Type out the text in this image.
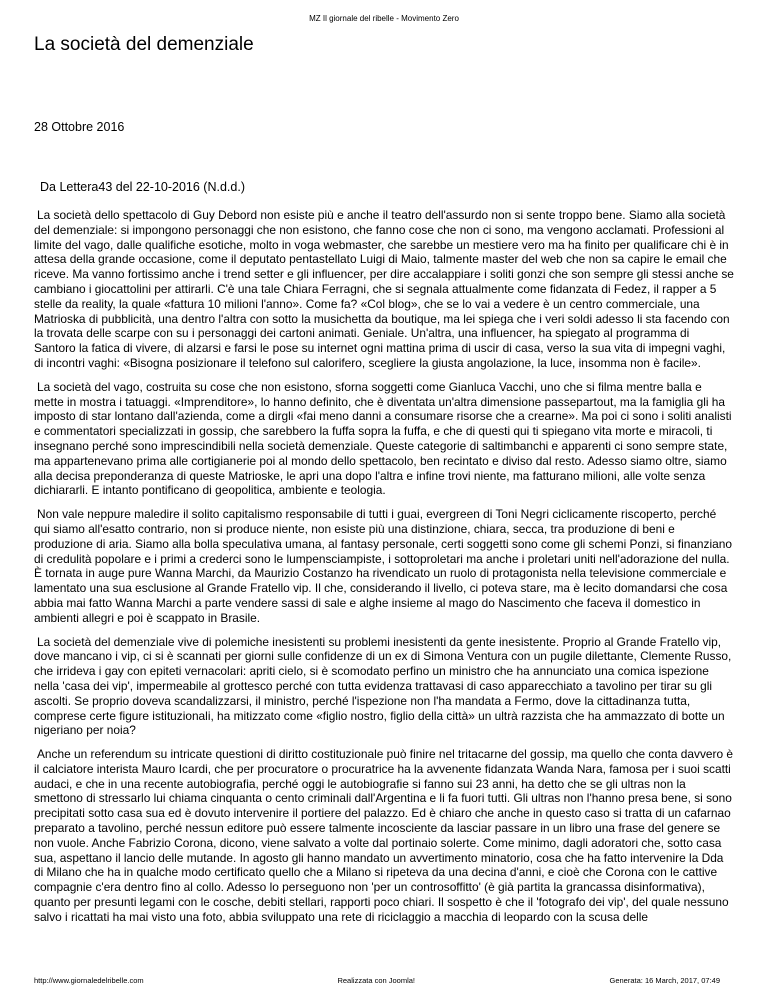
MZ Il giornale del ribelle - Movimento Zero
La società del demenziale
28 Ottobre 2016
Da Lettera43 del 22-10-2016 (N.d.d.)

La società dello spettacolo di Guy Debord non esiste più e anche il teatro dell'assurdo non si sente troppo bene. Siamo alla società del demenziale: si impongono personaggi che non esistono, che fanno cose che non ci sono, ma vengono acclamati. Professioni al limite del vago, dalle qualifiche esotiche, molto in voga webmaster, che sarebbe un mestiere vero ma ha finito per qualificare chi è in attesa della grande occasione, come il deputato pentastellato Luigi di Maio, talmente master del web che non sa capire le email che riceve. Ma vanno fortissimo anche i trend setter e gli influencer, per dire accalappiare i soliti gonzi che son sempre gli stessi anche se cambiano i giocattolini per attirarli. C'è una tale Chiara Ferragni, che si segnala attualmente come fidanzata di Fedez, il rapper a 5 stelle da reality, la quale «fattura 10 milioni l'anno». Come fa? «Col blog», che se lo vai a vedere è un centro commerciale, una Matrioska di pubblicità, una dentro l'altra con sotto la musichetta da boutique, ma lei spiega che i veri soldi adesso li sta facendo con la trovata delle scarpe con su i personaggi dei cartoni animati. Geniale. Un'altra, una influencer, ha spiegato al programma di Santoro la fatica di vivere, di alzarsi e farsi le pose su internet ogni mattina prima di uscir di casa, verso la sua vita di impegni vaghi, di incontri vaghi: «Bisogna posizionare il telefono sul calorifero, scegliere la giusta angolazione, la luce, insomma non è facile».

La società del vago, costruita su cose che non esistono, sforna soggetti come Gianluca Vacchi, uno che si filma mentre balla e mette in mostra i tatuaggi. «Imprenditore», lo hanno definito, che è diventata un'altra dimensione passepartout, ma la famiglia gli ha imposto di star lontano dall'azienda, come a dirgli «fai meno danni a consumare risorse che a crearne». Ma poi ci sono i soliti analisti e commentatori specializzati in gossip, che sarebbero la fuffa sopra la fuffa, e che di questi qui ti spiegano vita morte e miracoli, ti insegnano perché sono imprescindibili nella società demenziale. Queste categorie di saltimbanchi e apparenti ci sono sempre state, ma appartenevano prima alle cortigianerie poi al mondo dello spettacolo, ben recintato e diviso dal resto. Adesso siamo oltre, siamo alla decisa preponderanza di queste Matrioske, le apri una dopo l'altra e infine trovi niente, ma fatturano milioni, alle volte senza dichiararli. E intanto pontificano di geopolitica, ambiente e teologia.

Non vale neppure maledire il solito capitalismo responsabile di tutti i guai, evergreen di Toni Negri ciclicamente riscoperto, perché qui siamo all'esatto contrario, non si produce niente, non esiste più una distinzione, chiara, secca, tra produzione di beni e produzione di aria. Siamo alla bolla speculativa umana, al fantasy personale, certi soggetti sono come gli schemi Ponzi, si finanziano di credulità popolare e i primi a crederci sono le lumpensciampiste, i sottoproletari ma anche i proletari uniti nell'adorazione del nulla. È tornata in auge pure Wanna Marchi, da Maurizio Costanzo ha rivendicato un ruolo di protagonista nella televisione commerciale e lamentato una sua esclusione al Grande Fratello vip. Il che, considerando il livello, ci poteva stare, ma è lecito domandarsi che cosa abbia mai fatto Wanna Marchi a parte vendere sassi di sale e alghe insieme al mago do Nascimento che faceva il domestico in ambienti allegri e poi è scappato in Brasile.

La società del demenziale vive di polemiche inesistenti su problemi inesistenti da gente inesistente. Proprio al Grande Fratello vip, dove mancano i vip, ci si è scannati per giorni sulle confidenze di un ex di Simona Ventura con un pugile dilettante, Clemente Russo, che irrideva i gay con epiteti vernacolari: apriti cielo, si è scomodato perfino un ministro che ha annunciato una comica ispezione nella 'casa dei vip', impermeabile al grottesco perché con tutta evidenza trattavasi di caso apparecchiato a tavolino per tirar su gli ascolti. Se proprio doveva scandalizzarsi, il ministro, perché l'ispezione non l'ha mandata a Fermo, dove la cittadinanza tutta, comprese certe figure istituzionali, ha mitizzato come «figlio nostro, figlio della città» un ultrà razzista che ha ammazzato di botte un nigeriano per noia?

Anche un referendum su intricate questioni di diritto costituzionale può finire nel tritacarne del gossip, ma quello che conta davvero è il calciatore interista Mauro Icardi, che per procuratore o procuratrice ha la avvenente fidanzata Wanda Nara, famosa per i suoi scatti audaci, e che in una recente autobiografia, perché oggi le autobiografie si fanno sui 23 anni, ha detto che se gli ultras non la smettono di stressarlo lui chiama cinquanta o cento criminali dall'Argentina e li fa fuori tutti. Gli ultras non l'hanno presa bene, si sono precipitati sotto casa sua ed è dovuto intervenire il portiere del palazzo. Ed è chiaro che anche in questo caso si tratta di un cafarnao preparato a tavolino, perché nessun editore può essere talmente incosciente da lasciar passare in un libro una frase del genere se non vuole. Anche Fabrizio Corona, dicono, viene salvato a volte dal portinaio solerte. Come minimo, dagli adoratori che, sotto casa sua, aspettano il lancio delle mutande. In agosto gli hanno mandato un avvertimento minatorio, cosa che ha fatto intervenire la Dda di Milano che ha in qualche modo certificato quello che a Milano si ripeteva da una decina d'anni, e cioè che Corona con le cattive compagnie c'era dentro fino al collo. Adesso lo perseguono non 'per un controsoffitto' (è già partita la grancassa disinformativa), quanto per presunti legami con le cosche, debiti stellari, rapporti poco chiari. Il sospetto è che il 'fotografo dei vip', del quale nessuno salvo i ricattati ha mai visto una foto, abbia sviluppato una rete di riciclaggio a macchia di leopardo con la scusa delle

http://www.giornaledelribelle.com	Realizzata con Joomla!	Generata: 16 March, 2017, 07:49
